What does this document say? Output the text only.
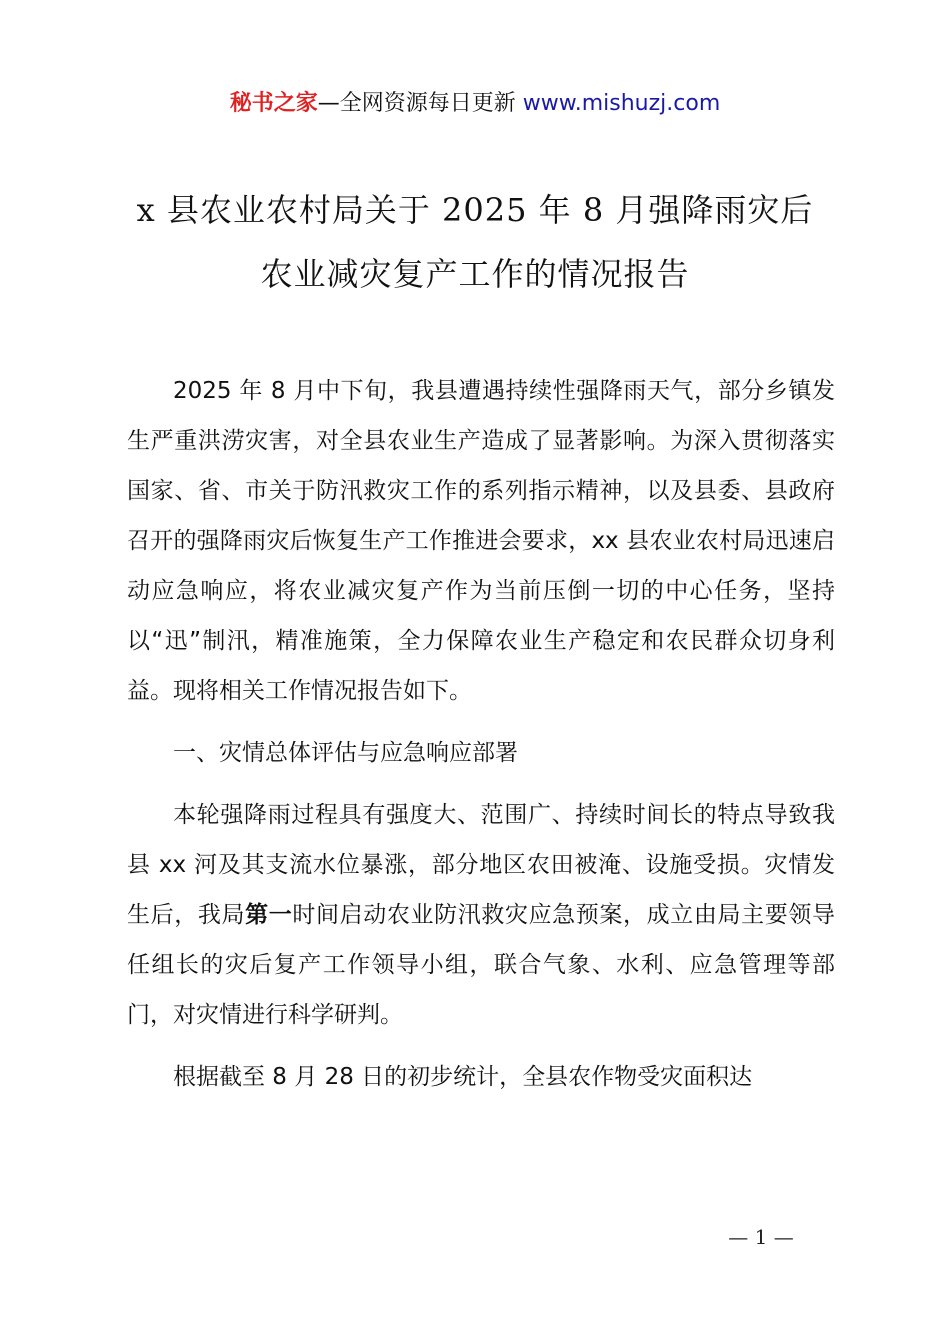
秘书之家—全网资源每日更新 www.mishuzj.com
x 县农业农村局关于 2025 年 8 月强降雨灾后
农业减灾复产工作的情况报告

2025 年 8 月中下旬，我县遭遇持续性强降雨天气，部分乡镇发生严重洪涝灾害，对全县农业生产造成了显著影响。为深入贯彻落实国家、省、市关于防汛救灾工作的系列指示精神，以及县委、县政府召开的强降雨灾后恢复生产工作推进会要求，xx 县农业农村局迅速启动应急响应，将农业减灾复产作为当前压倒一切的中心任务，坚持以“迅”制汛，精准施策，全力保障农业生产稳定和农民群众切身利益。现将相关工作情况报告如下。

一、灾情总体评估与应急响应部署

本轮强降雨过程具有强度大、范围广、持续时间长的特点导致我县 xx 河及其支流水位暴涨，部分地区农田被淹、设施受损。灾情发生后，我局第一时间启动农业防汛救灾应急预案，成立由局主要领导任组长的灾后复产工作领导小组，联合气象、水利、应急管理等部门，对灾情进行科学研判。

根据截至 8 月 28 日的初步统计，全县农作物受灾面积达

— 1 —
